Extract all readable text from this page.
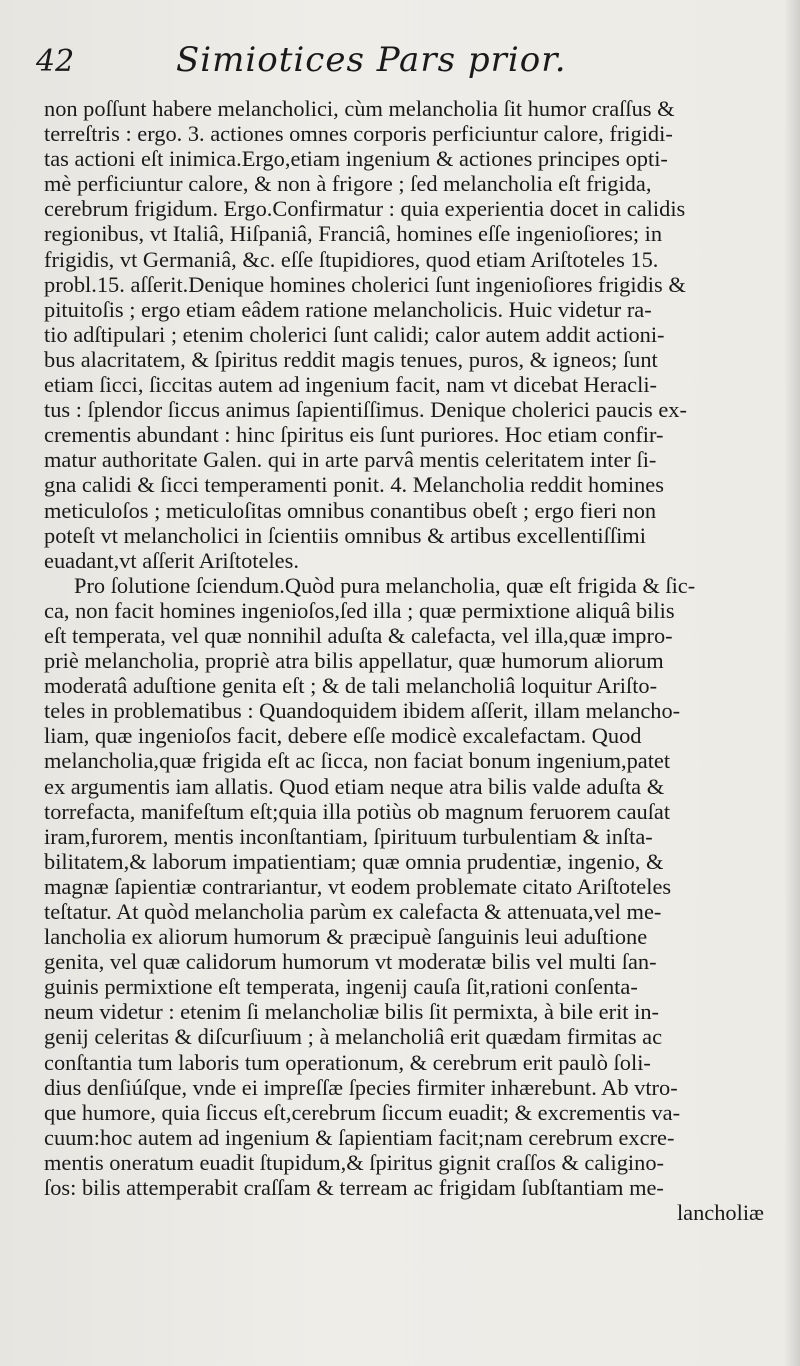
42	Simiotices Pars prior.
non poſſunt habere melancholici, cùm melancholia ſit humor craſſus &
terreſtris : ergo. 3. actiones omnes corporis perficiuntur calore, frigidi-
tas actioni eſt inimica.Ergo,etiam ingenium & actiones principes opti-
mè perficiuntur calore, & non à frigore ; ſed melancholia eſt frigida,
cerebrum frigidum. Ergo.Confirmatur : quia experientia docet in calidis
regionibus, vt Italiâ, Hiſpaniâ, Franciâ, homines eſſe ingenioſiores; in
frigidis, vt Germaniâ, &c. eſſe ſtupidiores, quod etiam Ariſtoteles 15.
probl.15. aſſerit.Denique homines cholerici ſunt ingenioſiores frigidis &
pituitoſis ; ergo etiam eâdem ratione melancholicis. Huic videtur ra-
tio adſtipulari ; etenim cholerici ſunt calidi; calor autem addit actioni-
bus alacritatem, & ſpiritus reddit magis tenues, puros, & igneos; ſunt
etiam ſicci, ſiccitas autem ad ingenium facit, nam vt dicebat Heracli-
tus : ſplendor ſiccus animus ſapientiſſimus. Denique cholerici paucis ex-
crementis abundant : hinc ſpiritus eis ſunt puriores. Hoc etiam confir-
matur authoritate Galen. qui in arte parvâ mentis celeritatem inter ſi-
gna calidi & ſicci temperamenti ponit. 4. Melancholia reddit homines
meticuloſos ; meticuloſitas omnibus conantibus obeſt ; ergo fieri non
poteſt vt melancholici in ſcientiis omnibus & artibus excellentiſſimi
euadant,vt aſſerit Ariſtoteles.
Pro ſolutione ſciendum.Quòd pura melancholia, quæ eſt frigida & ſic-
ca, non facit homines ingenioſos,ſed illa ; quæ permixtione aliquâ bilis
eſt temperata, vel quæ nonnihil aduſta & calefacta, vel illa,quæ impro-
priè melancholia, propriè atra bilis appellatur, quæ humorum aliorum
moderatâ aduſtione genita eſt ; & de tali melancholiâ loquitur Ariſto-
teles in problematibus : Quandoquidem ibidem aſſerit, illam melancho-
liam, quæ ingenioſos facit, debere eſſe modicè excalefactam. Quod
melancholia,quæ frigida eſt ac ſicca, non faciat bonum ingenium,patet
ex argumentis iam allatis. Quod etiam neque atra bilis valde aduſta &
torrefacta, manifeſtum eſt;quia illa potiùs ob magnum feruorem cauſat
iram,furorem, mentis inconſtantiam, ſpirituum turbulentiam & inſta-
bilitatem,& laborum impatientiam; quæ omnia prudentiæ, ingenio, &
magnæ ſapientiæ contrariantur, vt eodem problemate citato Ariſtoteles
teſtatur. At quòd melancholia parùm ex calefacta & attenuata,vel me-
lancholia ex aliorum humorum & præcipuè ſanguinis leui aduſtione
genita, vel quæ calidorum humorum vt moderatæ bilis vel multi ſan-
guinis permixtione eſt temperata, ingenij cauſa ſit,rationi conſenta-
neum videtur : etenim ſi melancholiæ bilis ſit permixta, à bile erit in-
genij celeritas & diſcurſiuum ; à melancholiâ erit quædam firmitas ac
conſtantia tum laboris tum operationum, & cerebrum erit paulò ſoli-
dius denſiúſque, vnde ei impreſſæ ſpecies firmiter inhærebunt. Ab vtro-
que humore, quia ſiccus eſt,cerebrum ſiccum euadit; & excrementis va-
cuum:hoc autem ad ingenium & ſapientiam facit;nam cerebrum excre-
mentis oneratum euadit ſtupidum,& ſpiritus gignit craſſos & caligino-
ſos: bilis attemperabit craſſam & terream ac frigidam ſubſtantiam me-
lancholiæ
